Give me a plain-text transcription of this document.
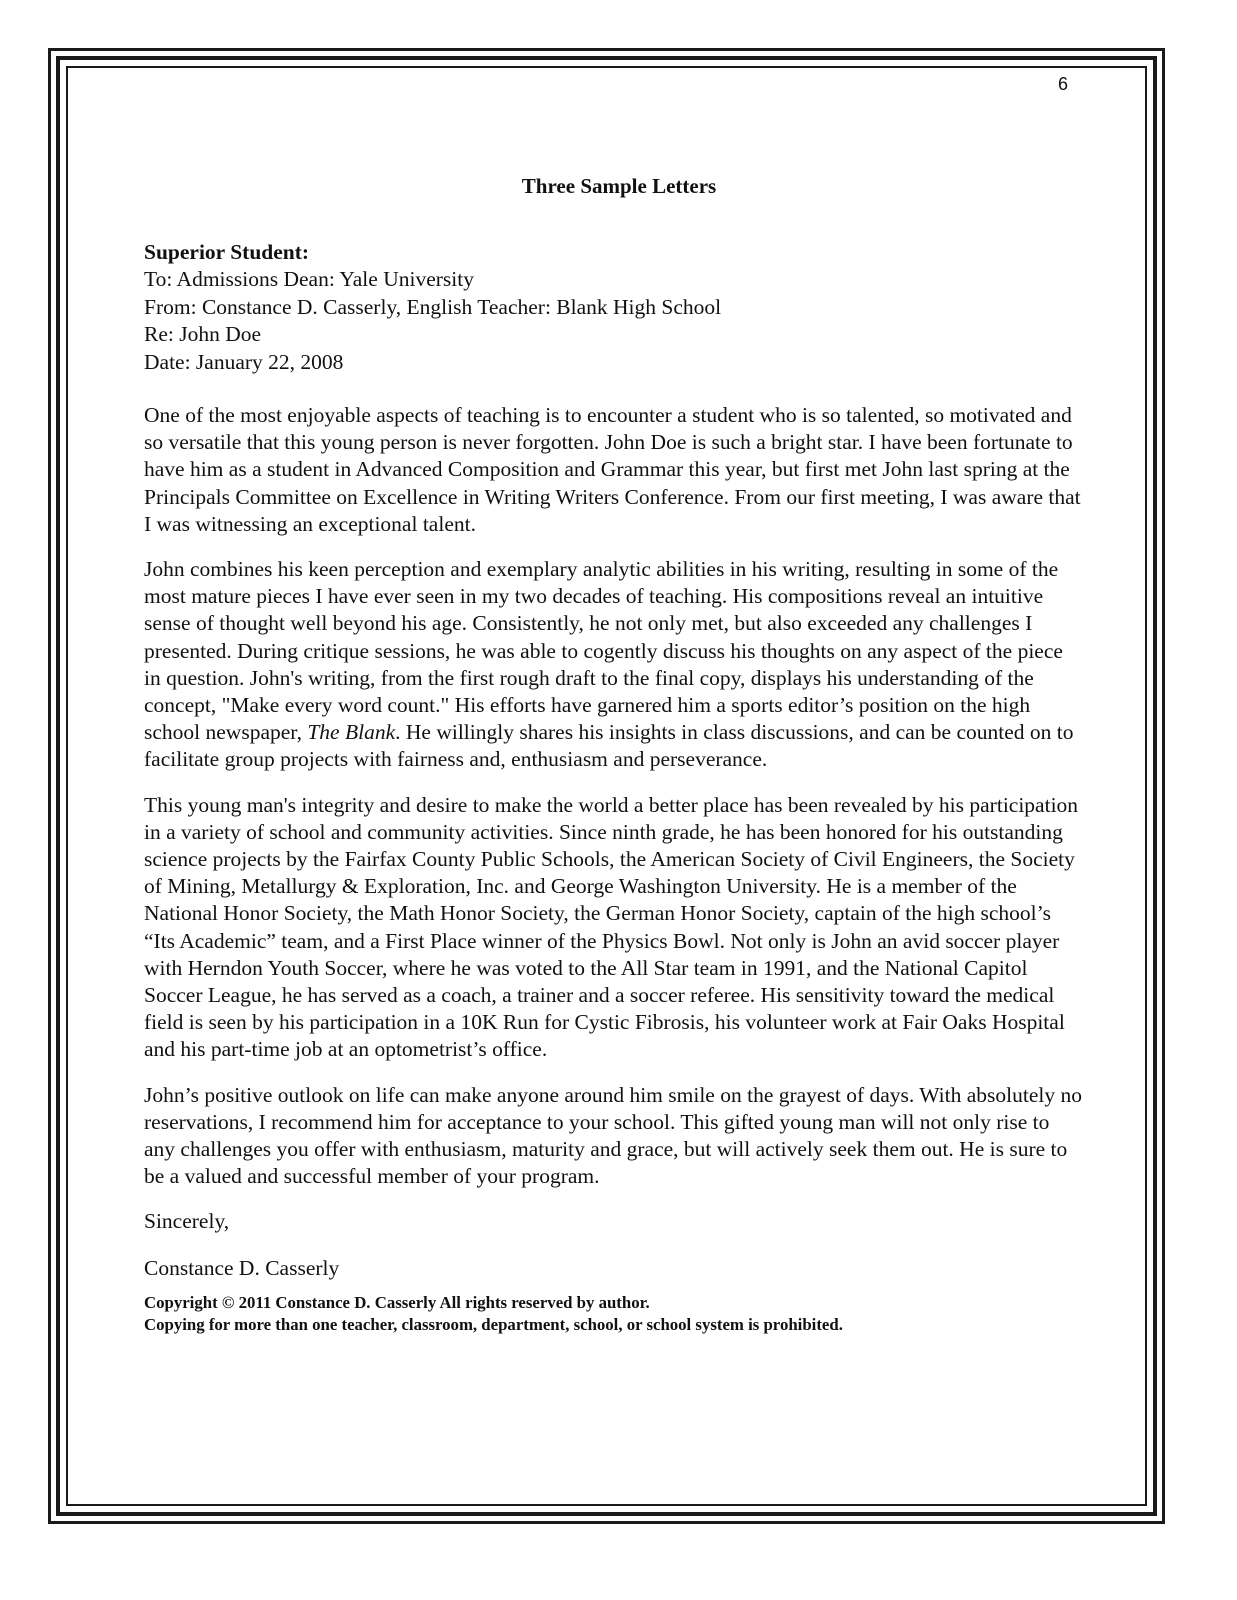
6

Three Sample Letters

Superior Student:

To: Admissions Dean: Yale University

From: Constance D. Casserly, English Teacher: Blank High School

Re: John Doe

Date: January 22, 2008

One of the most enjoyable aspects of teaching is to encounter a student who is so talented, so motivated and so versatile that this young person is never forgotten. John Doe is such a bright star. I have been fortunate to have him as a student in Advanced Composition and Grammar this year, but first met John last spring at the Principals Committee on Excellence in Writing Writers Conference. From our first meeting, I was aware that I was witnessing an exceptional talent.

John combines his keen perception and exemplary analytic abilities in his writing, resulting in some of the most mature pieces I have ever seen in my two decades of teaching. His compositions reveal an intuitive sense of thought well beyond his age. Consistently, he not only met, but also exceeded any challenges I presented. During critique sessions, he was able to cogently discuss his thoughts on any aspect of the piece in question. John's writing, from the first rough draft to the final copy, displays his understanding of the concept, "Make every word count." His efforts have garnered him a sports editor’s position on the high school newspaper, The Blank. He willingly shares his insights in class discussions, and can be counted on to facilitate group projects with fairness and, enthusiasm and perseverance.

This young man's integrity and desire to make the world a better place has been revealed by his participation in a variety of school and community activities. Since ninth grade, he has been honored for his outstanding science projects by the Fairfax County Public Schools, the American Society of Civil Engineers, the Society of Mining, Metallurgy & Exploration, Inc. and George Washington University. He is a member of the National Honor Society, the Math Honor Society, the German Honor Society, captain of the high school’s “Its Academic” team, and a First Place winner of the Physics Bowl. Not only is John an avid soccer player with Herndon Youth Soccer, where he was voted to the All Star team in 1991, and the National Capitol Soccer League, he has served as a coach, a trainer and a soccer referee. His sensitivity toward the medical field is seen by his participation in a 10K Run for Cystic Fibrosis, his volunteer work at Fair Oaks Hospital and his part-time job at an optometrist’s office.

John’s positive outlook on life can make anyone around him smile on the grayest of days. With absolutely no reservations, I recommend him for acceptance to your school. This gifted young man will not only rise to any challenges you offer with enthusiasm, maturity and grace, but will actively seek them out. He is sure to be a valued and successful member of your program.

Sincerely,

Constance D. Casserly

Copyright © 2011 Constance D. Casserly All rights reserved by author.

Copying for more than one teacher, classroom, department, school, or school system is prohibited.
